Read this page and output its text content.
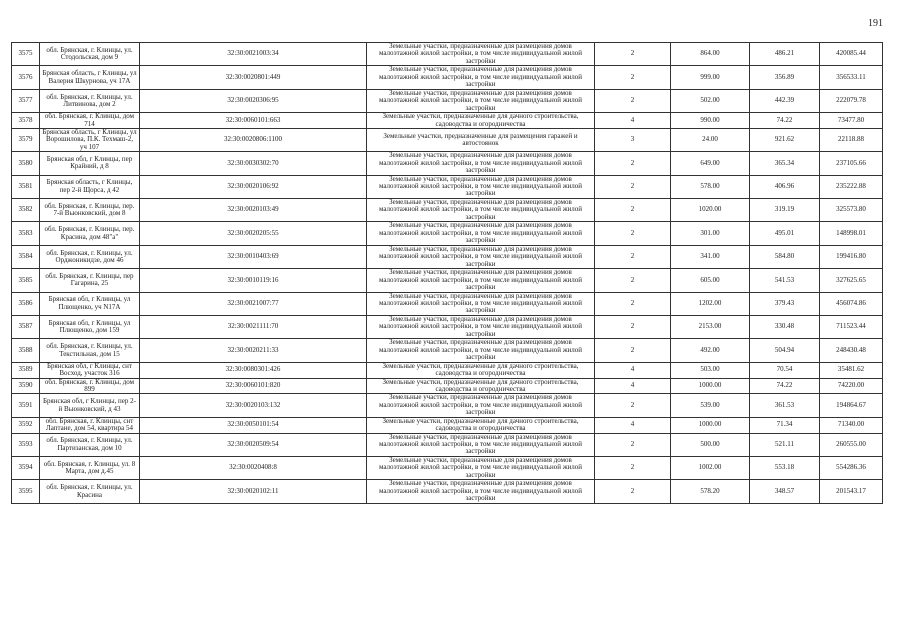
191
3575	обл. Брянская, г. Клинцы, ул. Стодольская, дом 9	32:30:0021003:34	Земельные участки, предназначенные для размещения домов малоэтажной жилой застройки, в том числе индивидуальной жилой застройки	2	864.00	486.21	420085.44
3576	Брянская область, г Клинцы, ул Валерия Шкурнова, уч 17А	32:30:0020801:449	Земельные участки, предназначенные для размещения домов малоэтажной жилой застройки, в том числе индивидуальной жилой застройки	2	999.00	356.89	356533.11
3577	обл. Брянская, г. Клинцы, ул. Литвинова, дом 2	32:30:0020306:95	Земельные участки, предназначенные для размещения домов малоэтажной жилой застройки, в том числе индивидуальной жилой застройки	2	502.00	442.39	222079.78
3578	обл. Брянская, г. Клинцы, дом 714	32:30:0060101:663	Земельные участки, предназначенные для дачного строительства, садоводства и огородничества	4	990.00	74.22	73477.80
3579	Брянская область, г Клинцы, ул Ворошилова, П.К. Техмаш-2, уч 107	32:30:0020806:1100	Земельные участки, предназначенные для размещения гаражей и автостоянок	3	24.00	921.62	22118.88
3580	Брянская обл, г Клинцы, пер Крайний, д 8	32:30:0030302:70	Земельные участки, предназначенные для размещения домов малоэтажной жилой застройки, в том числе индивидуальной жилой застройки	2	649.00	365.34	237105.66
3581	Брянская область, г Клинцы, пер 2-й Щорса, д 42	32:30:0020106:92	Земельные участки, предназначенные для размещения домов малоэтажной жилой застройки, в том числе индивидуальной жилой застройки	2	578.00	406.96	235222.88
3582	обл. Брянская, г. Клинцы, пер. 7-й Вьюнковский, дом 8	32:30:0020103:49	Земельные участки, предназначенные для размещения домов малоэтажной жилой застройки, в том числе индивидуальной жилой застройки	2	1020.00	319.19	325573.80
3583	обл. Брянская, г. Клинцы, пер. Красина, дом 48"а"	32:30:0020205:55	Земельные участки, предназначенные для размещения домов малоэтажной жилой застройки, в том числе индивидуальной жилой застройки	2	301.00	495.01	148998.01
3584	обл. Брянская, г. Клинцы, ул. Орджоникидзе, дом 46	32:30:0010403:69	Земельные участки, предназначенные для размещения домов малоэтажной жилой застройки, в том числе индивидуальной жилой застройки	2	341.00	584.80	199416.80
3585	обл. Брянская, г. Клинцы, пер Гагарина, 25	32:30:0010119:16	Земельные участки, предназначенные для размещения домов малоэтажной жилой застройки, в том числе индивидуальной жилой застройки	2	605.00	541.53	327625.65
3586	Брянская обл, г Клинцы, ул Плющенко, уч N17А	32:30:0021007:77	Земельные участки, предназначенные для размещения домов малоэтажной жилой застройки, в том числе индивидуальной жилой застройки	2	1202.00	379.43	456074.86
3587	Брянская обл, г Клинцы, ул Плющенко, дом 159	32:30:0021111:70	Земельные участки, предназначенные для размещения домов малоэтажной жилой застройки, в том числе индивидуальной жилой застройки	2	2153.00	330.48	711523.44
3588	обл. Брянская, г. Клинцы, ул. Текстильная, дом 15	32:30:0020211:33	Земельные участки, предназначенные для размещения домов малоэтажной жилой застройки, в том числе индивидуальной жилой застройки	2	492.00	504.94	248430.48
3589	Брянская обл, г Клинцы, снт Восход, участок 316	32:30:0080301:426	Земельные участки, предназначенные для дачного строительства, садоводства и огородничества	4	503.00	70.54	35481.62
3590	обл. Брянская, г. Клинцы, дом 899	32:30:0060101:820	Земельные участки, предназначенные для дачного строительства, садоводства и огородничества	4	1000.00	74.22	74220.00
3591	Брянская обл, г Клинцы, пер 2-й Вьюнковский, д 43	32:30:0020103:132	Земельные участки, предназначенные для размещения домов малоэтажной жилой застройки, в том числе индивидуальной жилой застройки	2	539.00	361.53	194864.67
3592	обл. Брянская, г. Клинцы, снт Лаптане, дом 54, квартира 54	32:30:0050101:54	Земельные участки, предназначенные для дачного строительства, садоводства и огородничества	4	1000.00	71.34	71340.00
3593	обл. Брянская, г. Клинцы, ул. Партизанская, дом 10	32:30:0020509:54	Земельные участки, предназначенные для размещения домов малоэтажной жилой застройки, в том числе индивидуальной жилой застройки	2	500.00	521.11	260555.00
3594	обл. Брянская, г. Клинцы, ул. 8 Марта, дом д.45	32:30:0020408:8	Земельные участки, предназначенные для размещения домов малоэтажной жилой застройки, в том числе индивидуальной жилой застройки	2	1002.00	553.18	554286.36
3595	обл. Брянская, г. Клинцы, ул. Красина	32:30:0020102:11	Земельные участки, предназначенные для размещения домов малоэтажной жилой застройки, в том числе индивидуальной жилой застройки	2	578.20	348.57	201543.17
